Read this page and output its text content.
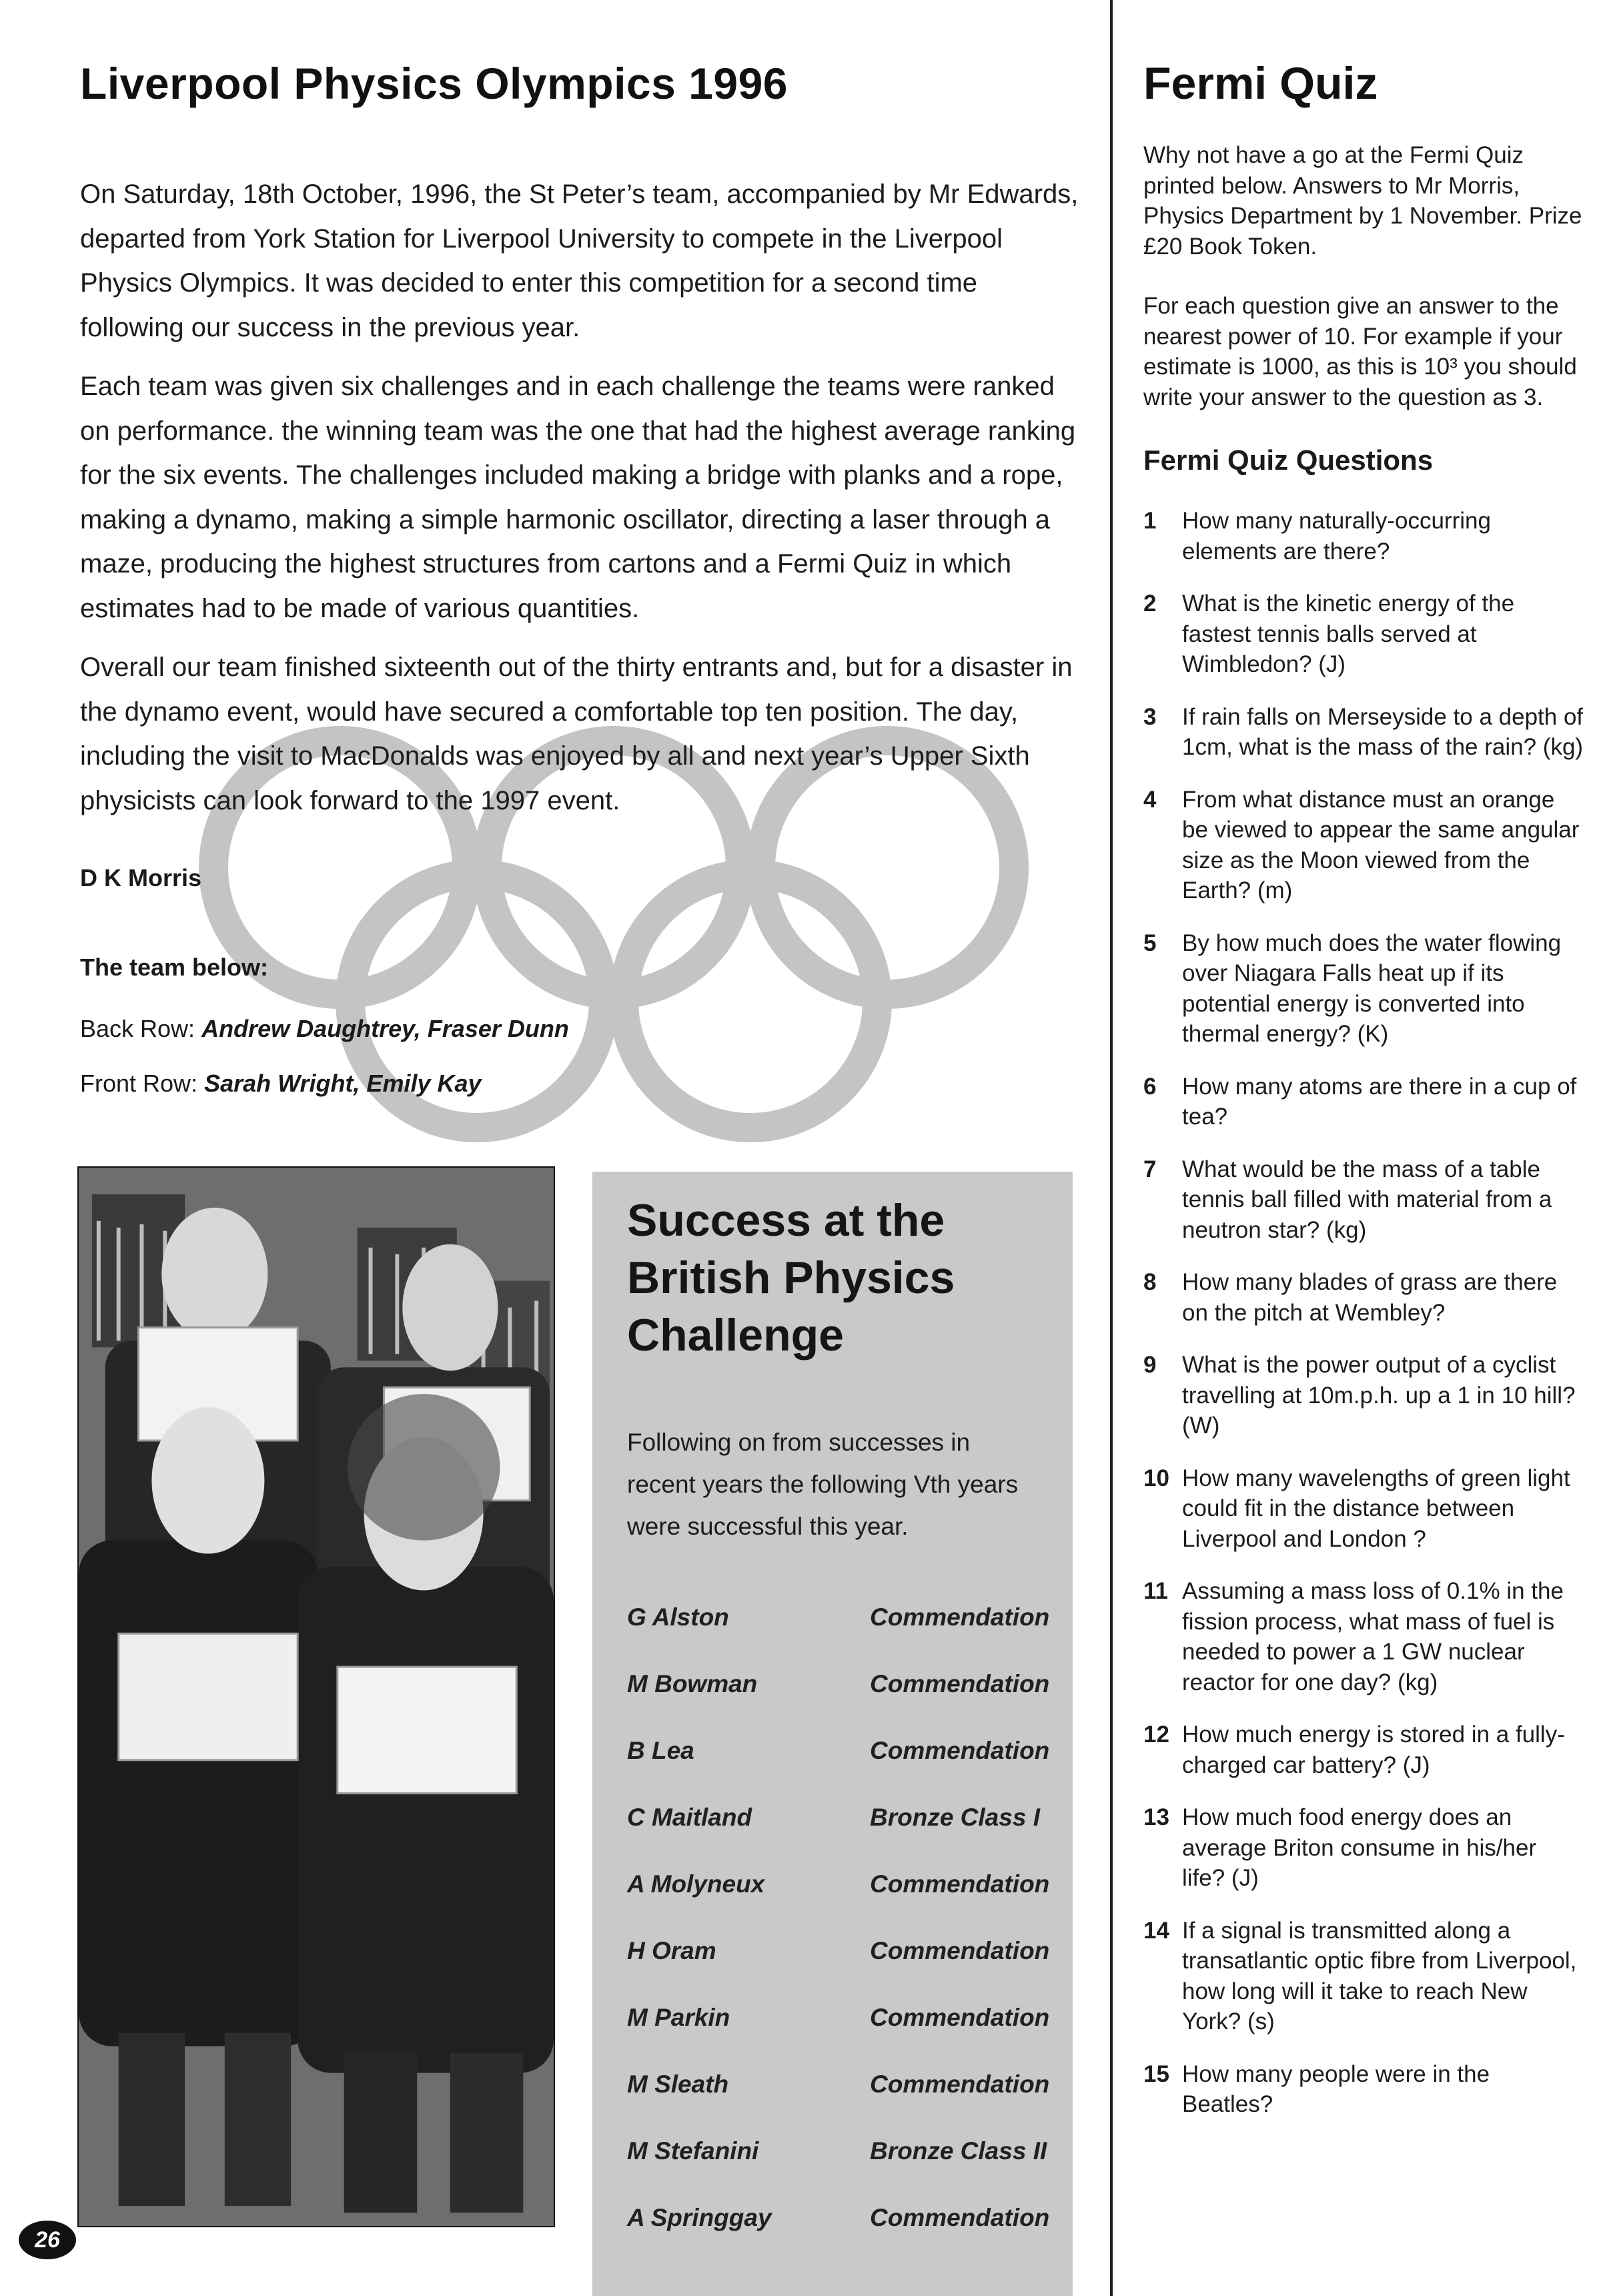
Liverpool Physics Olympics 1996

On Saturday, 18th October, 1996, the St Peter’s team, accompanied by Mr Edwards, departed from York Station for Liverpool University to compete in the Liverpool Physics Olympics. It was decided to enter this competition for a second time following our success in the previous year.

Each team was given six challenges and in each challenge the teams were ranked on performance. the winning team was the one that had the highest average ranking for the six events. The challenges included making a bridge with planks and a rope, making a dynamo, making a simple harmonic oscillator, directing a laser through a maze, producing the highest structures from cartons and a Fermi Quiz in which estimates had to be made of various quantities.

Overall our team finished sixteenth out of the thirty entrants and, but for a disaster in the dynamo event, would have secured a comfortable top ten position. The day, including the visit to MacDonalds was enjoyed by all and next year’s Upper Sixth physicists can look forward to the 1997 event.

D K Morris
The team below:
Back Row: Andrew Daughtrey, Fraser Dunn
Front Row: Sarah Wright, Emily Kay
Success at the British Physics Challenge

Following on from successes in recent years the following Vth years were successful this year.

G Alston	Commendation
M Bowman	Commendation
B Lea	Commendation
C Maitland	Bronze Class I
A Molyneux	Commendation
H Oram	Commendation
M Parkin	Commendation
M Sleath	Commendation
M Stefanini	Bronze Class II
A Springgay	Commendation
26
Fermi Quiz

Why not have a go at the Fermi Quiz printed below. Answers to Mr Morris, Physics Department by 1 November. Prize £20 Book Token.

For each question give an answer to the nearest power of 10. For example if your estimate is 1000, as this is 10³ you should write your answer to the question as 3.

Fermi Quiz Questions
1	How many naturally-occurring elements are there?
2	What is the kinetic energy of the fastest tennis balls served at Wimbledon? (J)
3	If rain falls on Merseyside to a depth of 1cm, what is the mass of the rain? (kg)
4	From what distance must an orange be viewed to appear the same angular size as the Moon viewed from the Earth? (m)
5	By how much does the water flowing over Niagara Falls heat up if its potential energy is converted into thermal energy? (K)
6	How many atoms are there in a cup of tea?
7	What would be the mass of a table tennis ball filled with material from a neutron star? (kg)
8	How many blades of grass are there on the pitch at Wembley?
9	What is the power output of a cyclist travelling at 10m.p.h. up a 1 in 10 hill? (W)
10 How many wavelengths of green light could fit in the distance between Liverpool and London ?
11 Assuming a mass loss of 0.1% in the fission process, what mass of fuel is needed to power a 1 GW nuclear reactor for one day? (kg)
12 How much energy is stored in a fully-charged car battery? (J)
13 How much food energy does an average Briton consume in his/her life? (J)
14 If a signal is transmitted along a transatlantic optic fibre from Liverpool, how long will it take to reach New York? (s)
15 How many people were in the Beatles?
